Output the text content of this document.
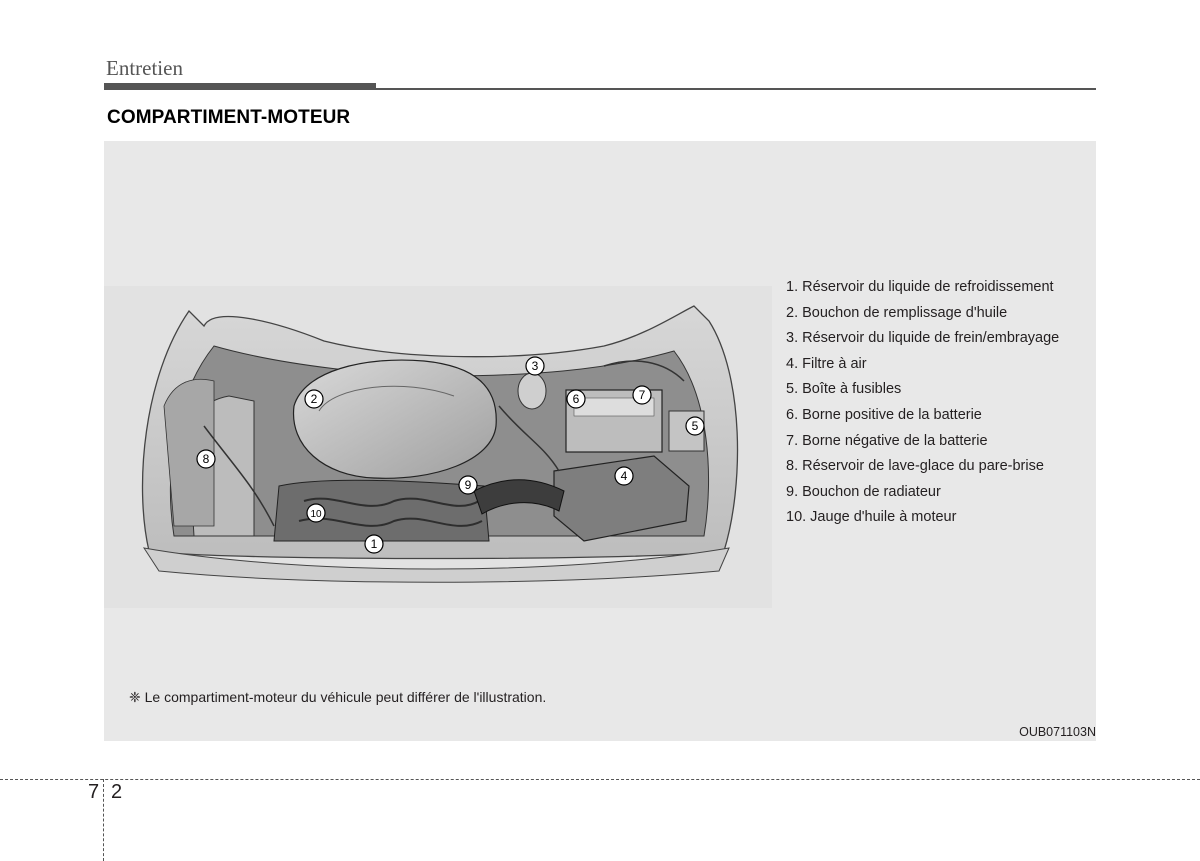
Entretien
COMPARTIMENT-MOTEUR
1
2
3
4
5
6	7
8
9
10
1. Réservoir du liquide de refroidissement
2. Bouchon de remplissage d'huile
3. Réservoir du liquide de frein/embrayage
4. Filtre à air
5. Boîte à fusibles
6. Borne positive de la batterie
7. Borne négative de la batterie
8. Réservoir de lave-glace du pare-brise
9. Bouchon de radiateur
10. Jauge d'huile à moteur
❈ Le compartiment-moteur du véhicule peut différer de l'illustration.
OUB071103N
7 2
